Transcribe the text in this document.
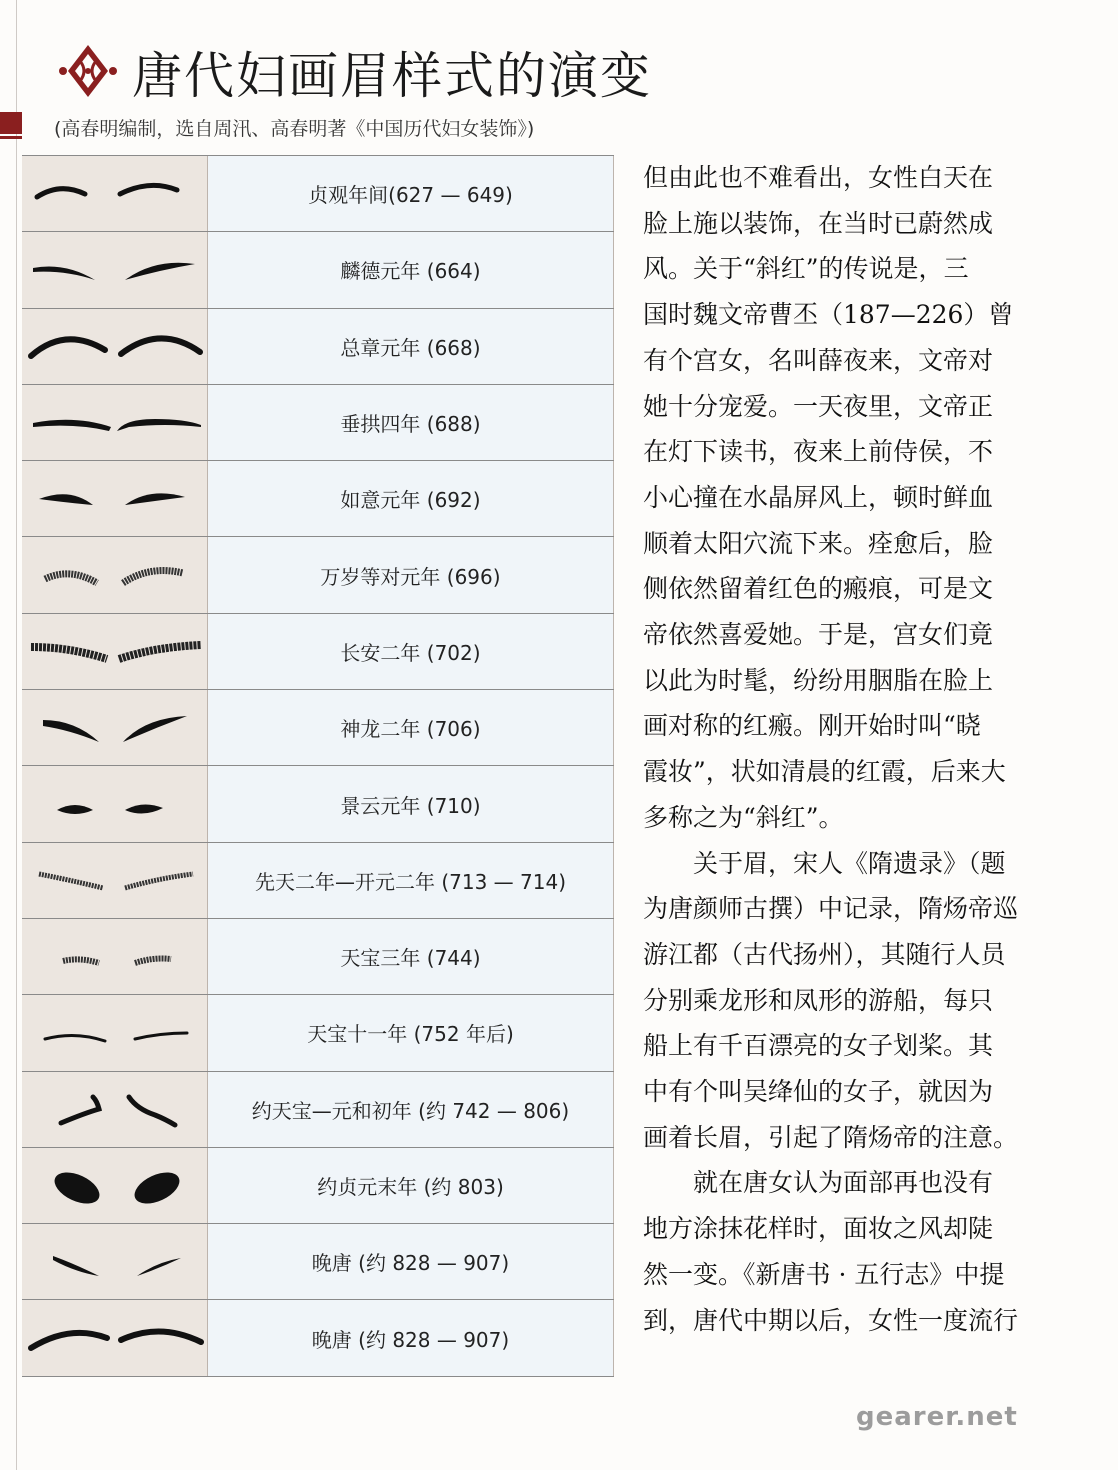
唐代妇画眉样式的演变
(高春明编制，选自周汛、高春明著《中国历代妇女装饰》)
贞观年间(627 — 649)
麟德元年 (664)
总章元年 (668)
垂拱四年 (688)
如意元年 (692)
万岁等对元年 (696)
长安二年 (702)
神龙二年 (706)
景云元年 (710)
先天二年—开元二年 (713 — 714)
天宝三年 (744)
天宝十一年 (752 年后)
约天宝—元和初年 (约 742 — 806)
约贞元末年 (约 803)
晚唐 (约 828 — 907)
晚唐 (约 828 — 907)

但由此也不难看出，女性白天在
脸上施以装饰，在当时已蔚然成
风。关于“斜红”的传说是，三
国时魏文帝曹丕（187—226）曾
有个宫女，名叫薛夜来，文帝对
她十分宠爱。一天夜里，文帝正
在灯下读书，夜来上前侍侯，不
小心撞在水晶屏风上，顿时鲜血
顺着太阳穴流下来。痊愈后，脸
侧依然留着红色的瘢痕，可是文
帝依然喜爱她。于是，宫女们竟
以此为时髦，纷纷用胭脂在脸上
画对称的红瘢。刚开始时叫“晓
霞妆”，状如清晨的红霞，后来大
多称之为“斜红”。

关于眉，宋人《隋遗录》（题
为唐颜师古撰）中记录，隋炀帝巡
游江都（古代扬州），其随行人员
分别乘龙形和凤形的游船，每只
船上有千百漂亮的女子划桨。其
中有个叫吴绛仙的女子，就因为
画着长眉，引起了隋炀帝的注意。

就在唐女认为面部再也没有
地方涂抹花样时，面妆之风却陡
然一变。《新唐书 · 五行志》中提
到，唐代中期以后，女性一度流行

gearer.net
